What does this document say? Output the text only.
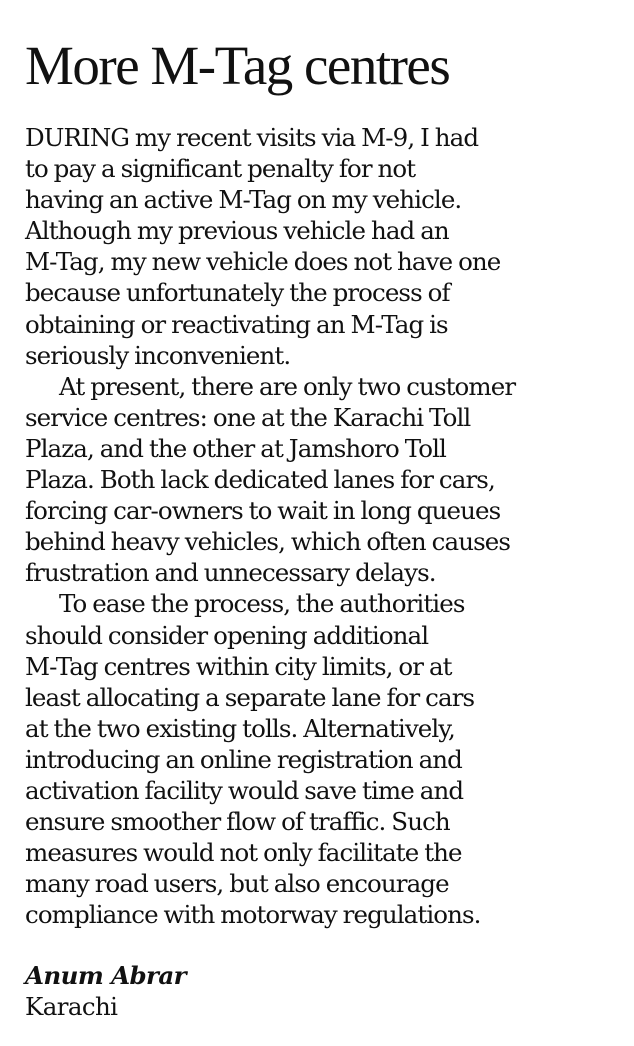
More M-Tag centres

DURING my recent visits via M-9, I had
to pay a significant penalty for not
having an active M-Tag on my vehicle.
Although my previous vehicle had an
M-Tag, my new vehicle does not have one
because unfortunately the process of
obtaining or reactivating an M-Tag is
seriously inconvenient.

At present, there are only two customer
service centres: one at the Karachi Toll
Plaza, and the other at Jamshoro Toll
Plaza. Both lack dedicated lanes for cars,
forcing car-owners to wait in long queues
behind heavy vehicles, which often causes
frustration and unnecessary delays.

To ease the process, the authorities
should consider opening additional
M-Tag centres within city limits, or at
least allocating a separate lane for cars
at the two existing tolls. Alternatively,
introducing an online registration and
activation facility would save time and
ensure smoother flow of traffic. Such
measures would not only facilitate the
many road users, but also encourage
compliance with motorway regulations.

Anum Abrar
Karachi
